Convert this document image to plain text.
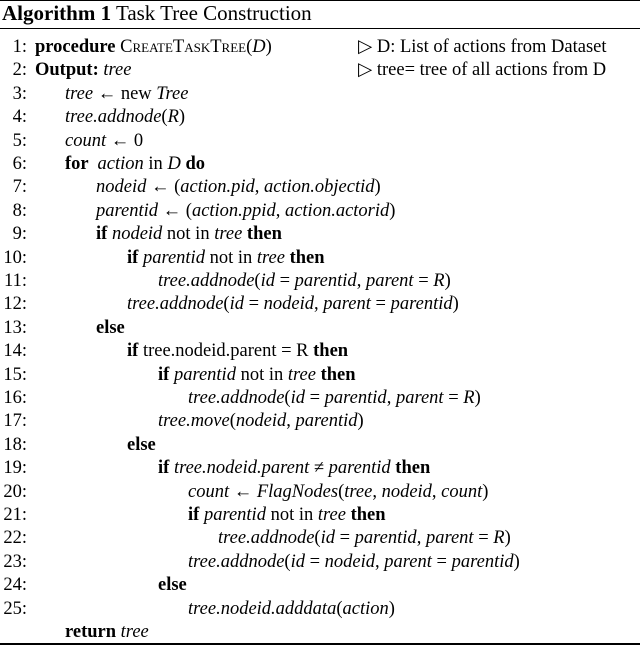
Algorithm 1 Task Tree Construction
1: procedure CreateTaskTree(D)	▷ D: List of actions from Dataset
2: Output: tree	▷ tree= tree of all actions from D
3: tree ← new Tree
4: tree.addnode(R)
5: count ← 0
6: for  action in D do
7:	nodeid ← (action.pid, action.objectid)
8:	parentid ← (action.ppid, action.actorid)
9:	if nodeid not in tree then
10:	if parentid not in tree then
11:	tree.addnode(id = parentid, parent = R)
12:	tree.addnode(id = nodeid, parent = parentid)
13:	else
14:	if tree.nodeid.parent = R then
15:	if parentid not in tree then
16:	tree.addnode(id = parentid, parent = R)
17:	tree.move(nodeid, parentid)
18:	else
19:	if tree.nodeid.parent ≠ parentid then
20:	count ← FlagNodes(tree, nodeid, count)
21:	if parentid not in tree then
22:	tree.addnode(id = parentid, parent = R)
23:	tree.addnode(id = nodeid, parent = parentid)
24:	else
25:	tree.nodeid.adddata(action)
return tree
